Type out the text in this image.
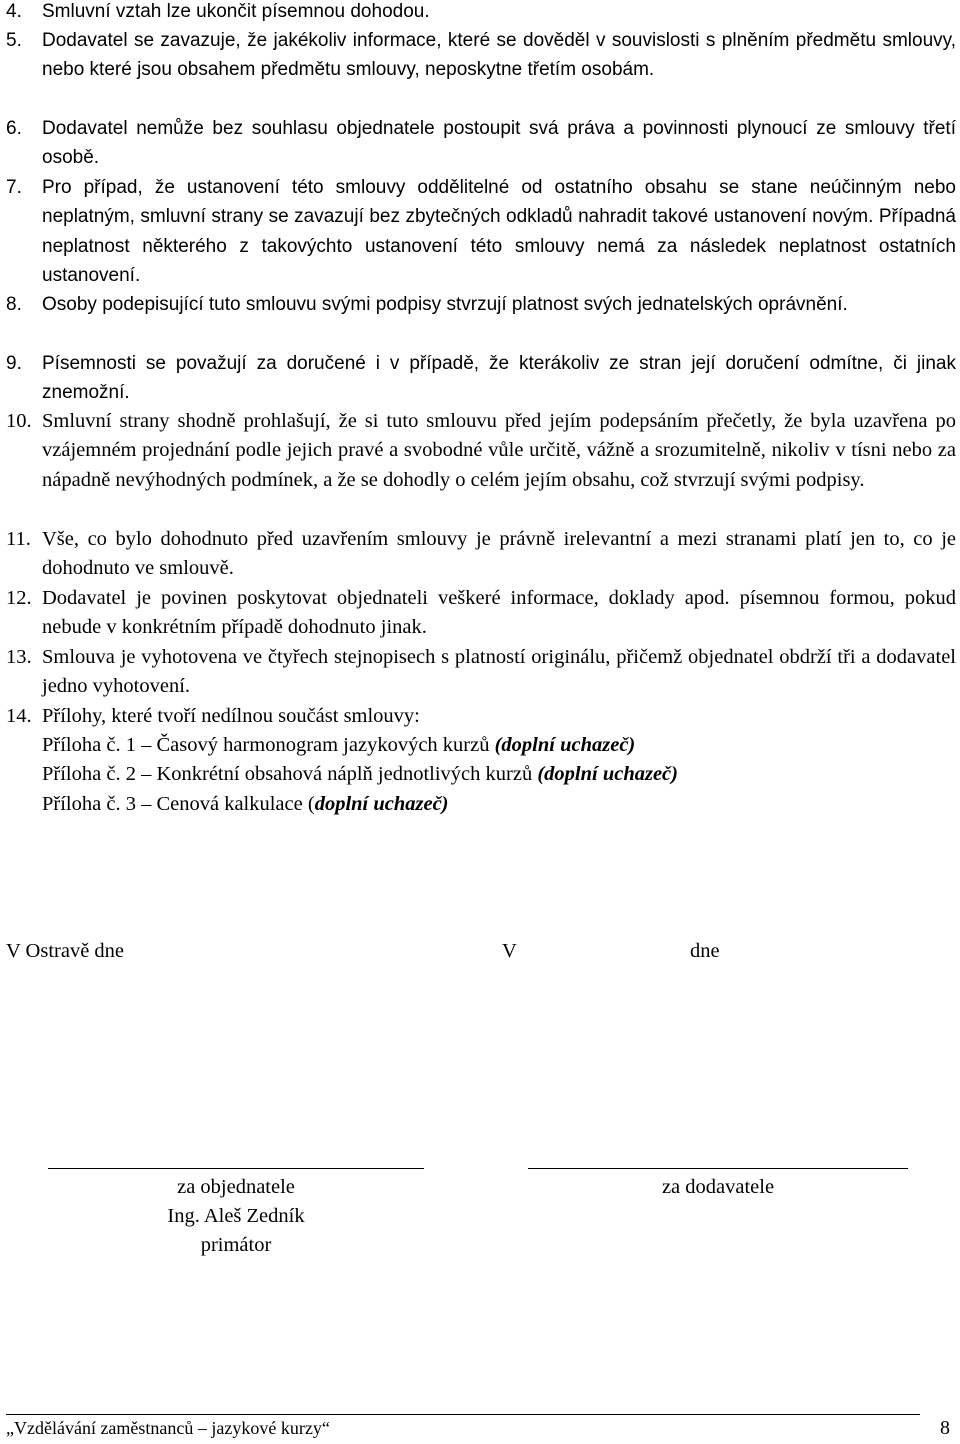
4. Smluvní vztah lze ukončit písemnou dohodou.
5. Dodavatel se zavazuje, že jakékoliv informace, které se dověděl v souvislosti s plněním předmětu smlouvy, nebo které jsou obsahem předmětu smlouvy, neposkytne třetím osobám.
6. Dodavatel nemůže bez souhlasu objednatele postoupit svá práva a povinnosti plynoucí ze smlouvy třetí osobě.
7. Pro případ, že ustanovení této smlouvy oddělitelné od ostatního obsahu se stane neúčinným nebo neplatným, smluvní strany se zavazují bez zbytečných odkladů nahradit takové ustanovení novým. Případná neplatnost některého z takovýchto ustanovení této smlouvy nemá za následek neplatnost ostatních ustanovení.
8. Osoby podepisující tuto smlouvu svými podpisy stvrzují platnost svých jednatelských oprávnění.
9. Písemnosti se považují za doručené i v případě, že kterákoliv ze stran její doručení odmítne, či jinak znemožní.
10. Smluvní strany shodně prohlašují, že si tuto smlouvu před jejím podepsáním přečetly, že byla uzavřena po vzájemném projednání podle jejich pravé a svobodné vůle určitě, vážně a srozumitelně, nikoliv v tísni nebo za nápadně nevýhodných podmínek, a že se dohodly o celém jejím obsahu, což stvrzují svými podpisy.
11. Vše, co bylo dohodnuto před uzavřením smlouvy je právně irelevantní a mezi stranami platí jen to, co je dohodnuto ve smlouvě.
12. Dodavatel je povinen poskytovat objednateli veškeré informace, doklady apod. písemnou formou, pokud nebude v konkrétním případě dohodnuto jinak.
13. Smlouva je vyhotovena ve čtyřech stejnopisech s platností originálu, přičemž objednatel obdrží tři a dodavatel jedno vyhotovení.
14. Přílohy, které tvoří nedílnou součást smlouvy:
Příloha č. 1 – Časový harmonogram jazykových kurzů (doplní uchazeč)
Příloha č. 2 – Konkrétní obsahová náplň jednotlivých kurzů (doplní uchazeč)
Příloha č. 3 – Cenová kalkulace (doplní uchazeč)
V Ostravě dne	V	dne
za objednatele
Ing. Aleš Zedník
primátor
za dodavatele
„Vzdělávání zaměstnanců – jazykové kurzy“	8
